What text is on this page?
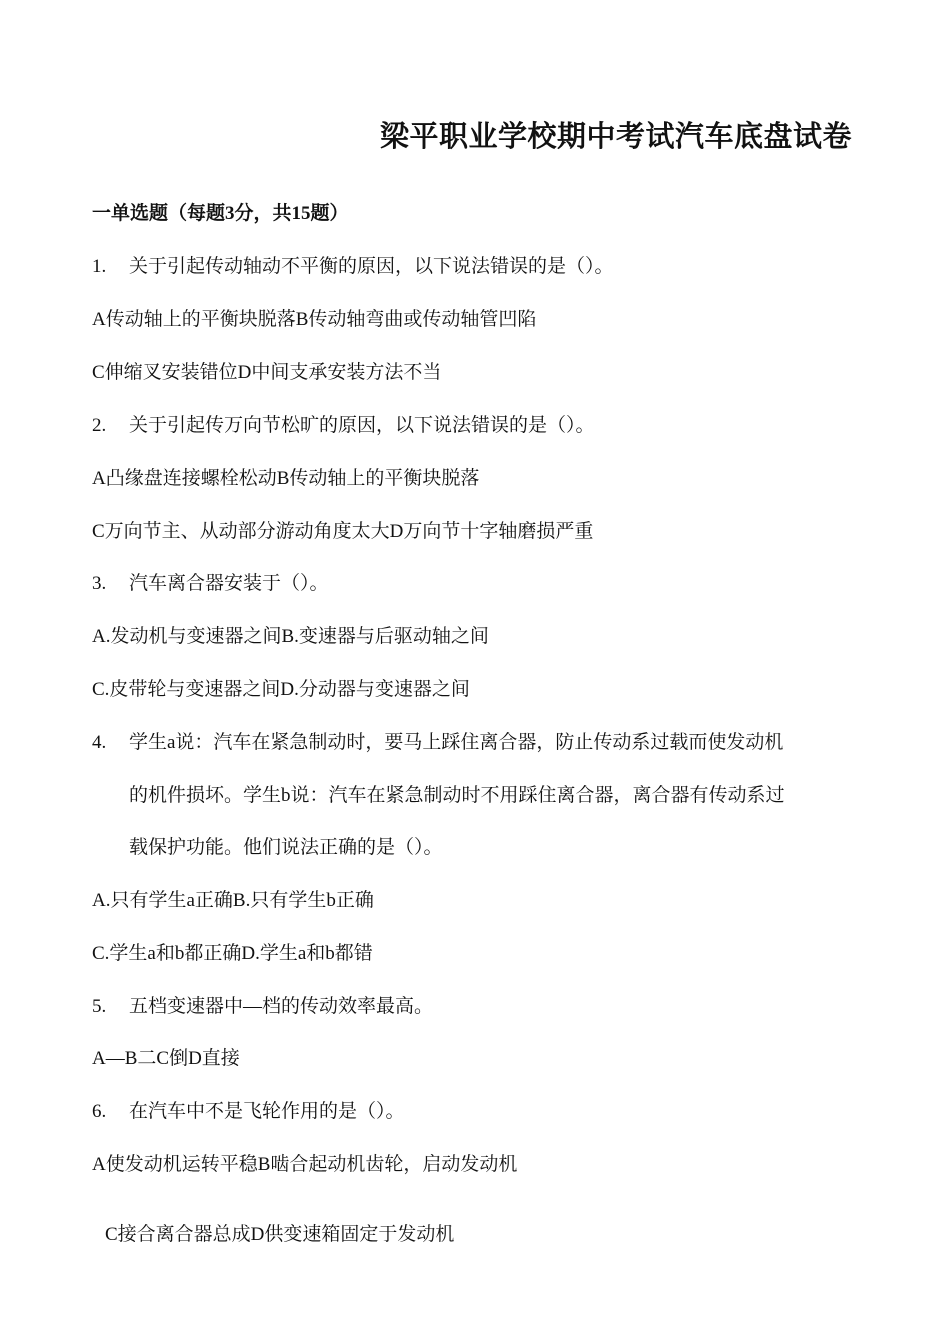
梁平职业学校期中考试汽车底盘试卷
一单选题（每题3分，共15题）
1. 关于引起传动轴动不平衡的原因，以下说法错误的是（）。
A传动轴上的平衡块脱落B传动轴弯曲或传动轴管凹陷
C伸缩叉安装错位D中间支承安装方法不当
2. 关于引起传万向节松旷的原因，以下说法错误的是（）。
A凸缘盘连接螺栓松动B传动轴上的平衡块脱落
C万向节主、从动部分游动角度太大D万向节十字轴磨损严重
3. 汽车离合器安装于（）。
A.发动机与变速器之间B.变速器与后驱动轴之间
C.皮带轮与变速器之间D.分动器与变速器之间
4. 学生a说：汽车在紧急制动时，要马上踩住离合器，防止传动系过载而使发动机
的机件损坏。学生b说：汽车在紧急制动时不用踩住离合器，离合器有传动系过
载保护功能。他们说法正确的是（）。
A.只有学生a正确B.只有学生b正确
C.学生a和b都正确D.学生a和b都错
5. 五档变速器中—档的传动效率最高。
A—B二C倒D直接
6. 在汽车中不是飞轮作用的是（）。
A使发动机运转平稳B啮合起动机齿轮，启动发动机
C接合离合器总成D供变速箱固定于发动机
